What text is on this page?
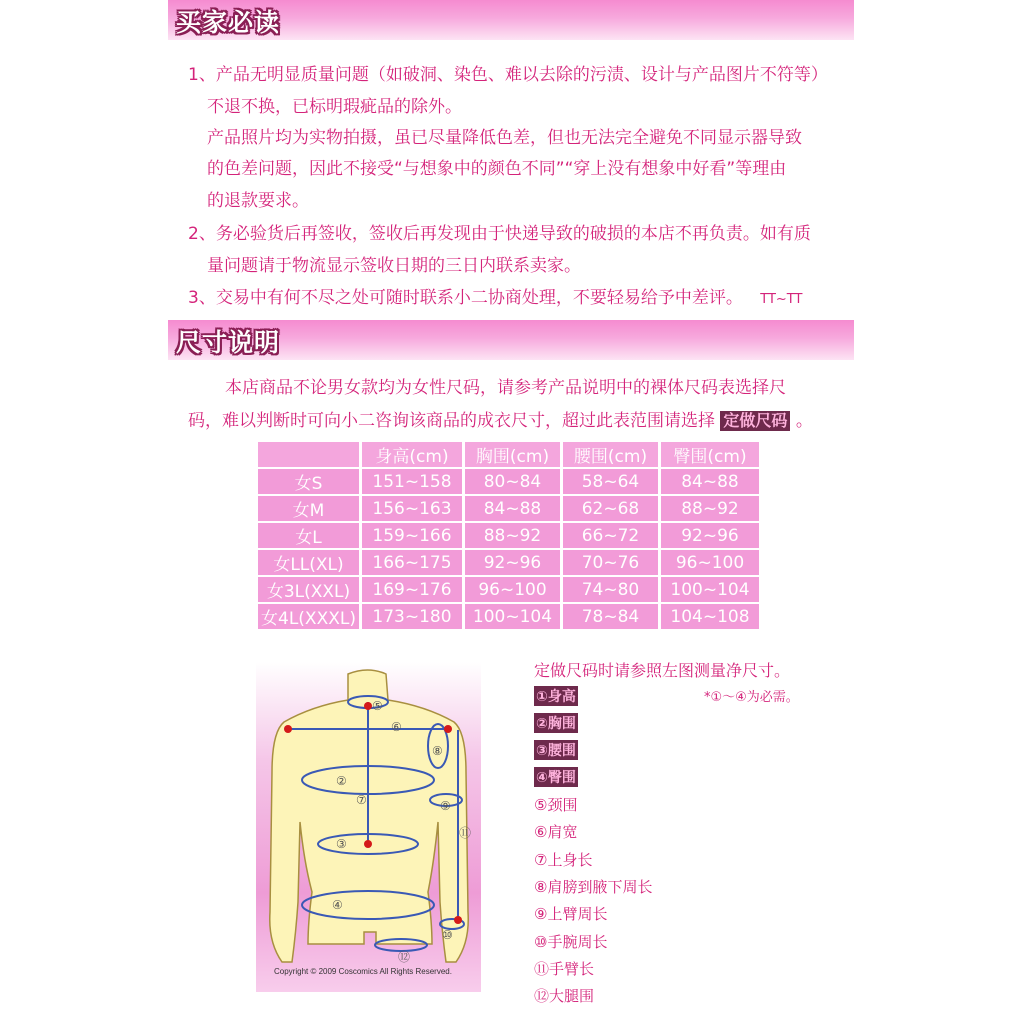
买家必读
1、产品无明显质量问题（如破洞、染色、难以去除的污渍、设计与产品图片不符等）
不退不换，已标明瑕疵品的除外。
产品照片均为实物拍摄，虽已尽量降低色差，但也无法完全避免不同显示器导致
的色差问题，因此不接受“与想象中的颜色不同”“穿上没有想象中好看”等理由
的退款要求。
2、务必验货后再签收，签收后再发现由于快递导致的破损的本店不再负责。如有质
量问题请于物流显示签收日期的三日内联系卖家。
3、交易中有何不尽之处可随时联系小二协商处理，不要轻易给予中差评。 TT~TT
尺寸说明
本店商品不论男女款均为女性尺码，请参考产品说明中的裸体尺码表选择尺
码，难以判断时可向小二咨询该商品的成衣尺寸，超过此表范围请选择 定做尺码 。
	身高(cm)	胸围(cm)	腰围(cm)	臀围(cm)
女S	151~158	80~84	58~64	84~88
女M	156~163	84~88	62~68	88~92
女L	159~166	88~92	66~72	92~96
女LL(XL)	166~175	92~96	70~76	96~100
女3L(XXL)	169~176	96~100	74~80	100~104
女4L(XXXL)	173~180	100~104	78~84	104~108
②
③
④
⑤
⑥
⑦
⑧
⑨
⑩
⑪
⑫
Copyright © 2009 Coscomics All Rights Reserved.
定做尺码时请参照左图测量净尺寸。
①身高	*①～④为必需。
②胸围
③腰围
④臀围
⑤颈围
⑥肩宽
⑦上身长
⑧肩膀到腋下周长
⑨上臂周长
⑩手腕周长
⑪手臂长
⑫大腿围
